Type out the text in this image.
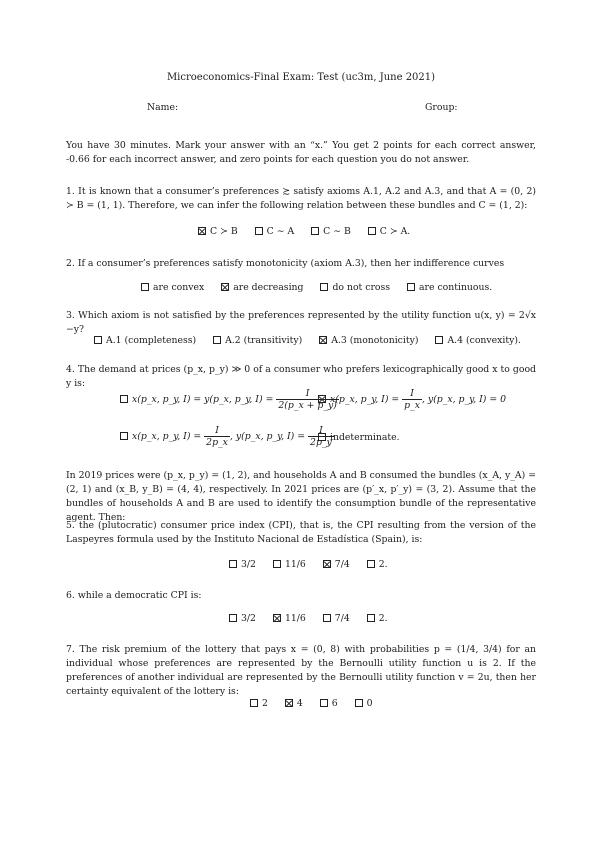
Microeconomics-Final Exam: Test (uc3m, June 2021)
Name:	Group:
You have 30 minutes. Mark your answer with an “x.” You get 2 points for each correct answer, -0.66 for each incorrect answer, and zero points for each question you do not answer.
1. It is known that a consumer’s preferences ≿ satisfy axioms A.1, A.2 and A.3, and that A = (0, 2) ≻ B = (1, 1). Therefore, we can infer the following relation between these bundles and C = (1, 2):
C ≻ B	C ∼ A	C ∼ B	C ≻ A.
2. If a consumer’s preferences satisfy monotonicity (axiom A.3), then her indifference curves
are convex	are decreasing	do not cross	are continuous.
3. Which axiom is not satisfied by the preferences represented by the utility function u(x, y) = 2√x −y?
A.1 (completeness)	A.2 (transitivity)	A.3 (monotonicity)	A.4 (convexity).
4. The demand at prices (p_x, p_y) ≫ 0 of a consumer who prefers lexicographically good x to good y is:
x(p_x, p_y, I) = y(p_x, p_y, $I) = \frac{I}{2(p\_x + p\_y)}$
x(p_x, p_y, $I) = \frac{I}{p\_x}$ , y(p_x, p_y, I) = 0
x(p_x, p_y, $I) = \frac{I}{2p\_x}$ , y(p_x, p_y, $I) = \frac{I}{2p\_y}$
indeterminate.
In 2019 prices were (p_x, p_y) = (1, 2), and households A and B consumed the bundles (x_A, y_A) = (2, 1) and (x_B, y_B) = (4, 4), respectively. In 2021 prices are (p′_x, p′_y) = (3, 2). Assume that the bundles of households A and B are used to identify the consumption bundle of the representative agent. Then:
5. the (plutocratic) consumer price index (CPI), that is, the CPI resulting from the version of the Laspeyres formula used by the Instituto Nacional de Estadística (Spain), is:
3/2	11/6	7/4	2.
6. while a democratic CPI is:
3/2	11/6	7/4	2.
7. The risk premium of the lottery that pays x = (0, 8) with probabilities p = (1/4, 3/4) for an individual whose preferences are represented by the Bernoulli utility function u is 2. If the preferences of another individual are represented by the Bernoulli utility function v = 2u, then her certainty equivalent of the lottery is:
2	4	6	0
